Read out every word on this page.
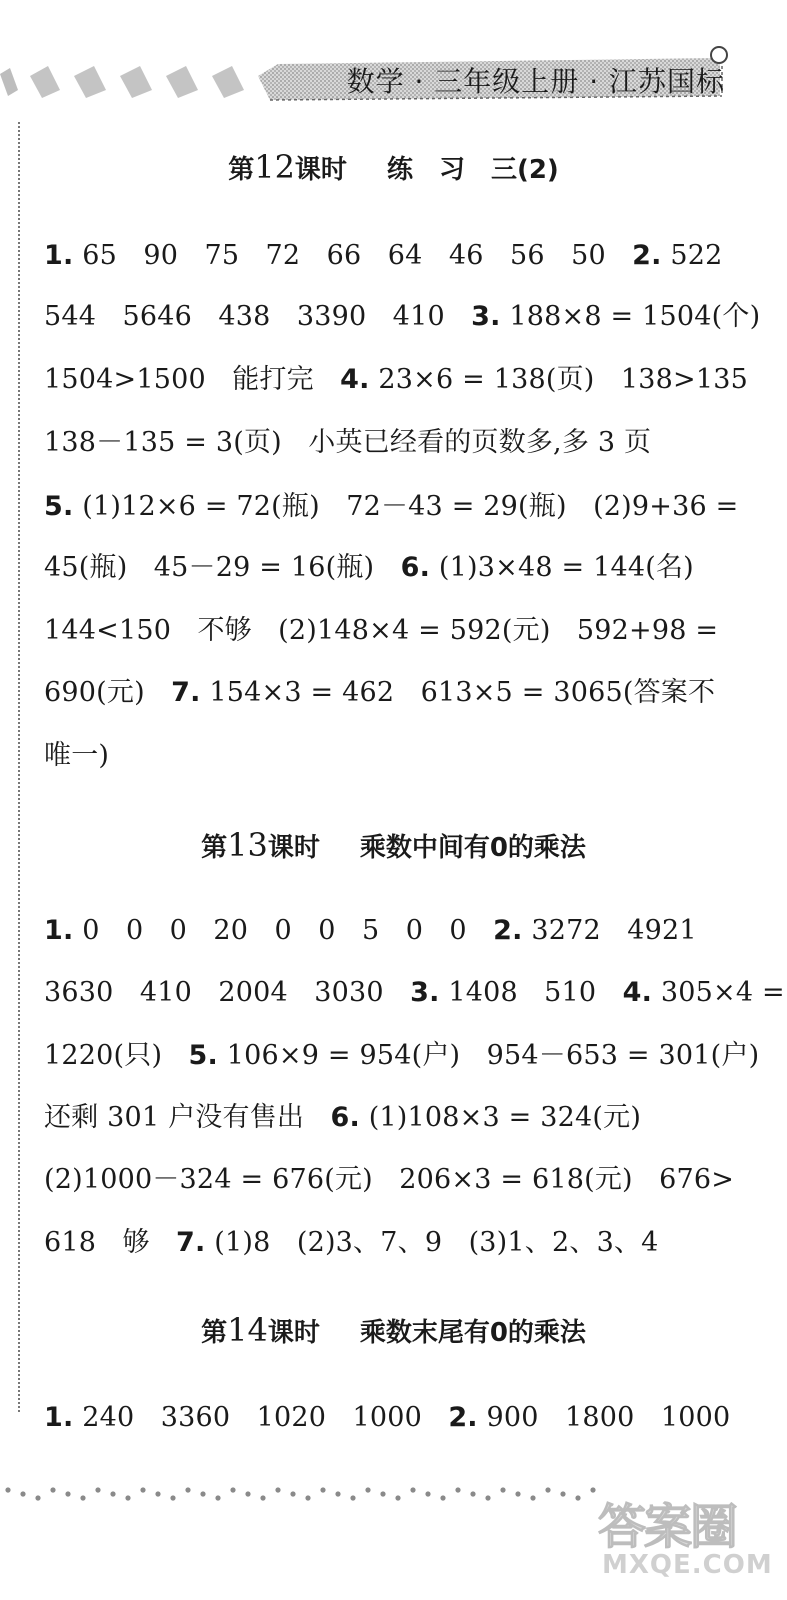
数学 · 三年级上册 · 江苏国标
第12课时 练　习　三(2)
1. 65   90   75   72   66   64   46   56   50   2. 522
544   5646   438   3390   410   3. 188×8 = 1504(个)
1504>1500   能打完   4. 23×6 = 138(页)   138>135
138－135 = 3(页)   小英已经看的页数多,多 3 页
5. (1)12×6 = 72(瓶)   72－43 = 29(瓶)   (2)9+36 =
45(瓶)   45－29 = 16(瓶)   6. (1)3×48 = 144(名)
144<150   不够   (2)148×4 = 592(元)   592+98 =
690(元)   7. 154×3 = 462   613×5 = 3065(答案不
唯一)
第13课时 乘数中间有0的乘法
1. 0   0   0   20   0   0   5   0   0   2. 3272   4921
3630   410   2004   3030   3. 1408   510   4. 305×4 =
1220(只)   5. 106×9 = 954(户)   954－653 = 301(户)
还剩 301 户没有售出   6. (1)108×3 = 324(元)
(2)1000－324 = 676(元)   206×3 = 618(元)   676>
618   够   7. (1)8   (2)3、7、9   (3)1、2、3、4
第14课时 乘数末尾有0的乘法
1. 240   3360   1020   1000   2. 900   1800   1000
答案圈
MXQE.COM
